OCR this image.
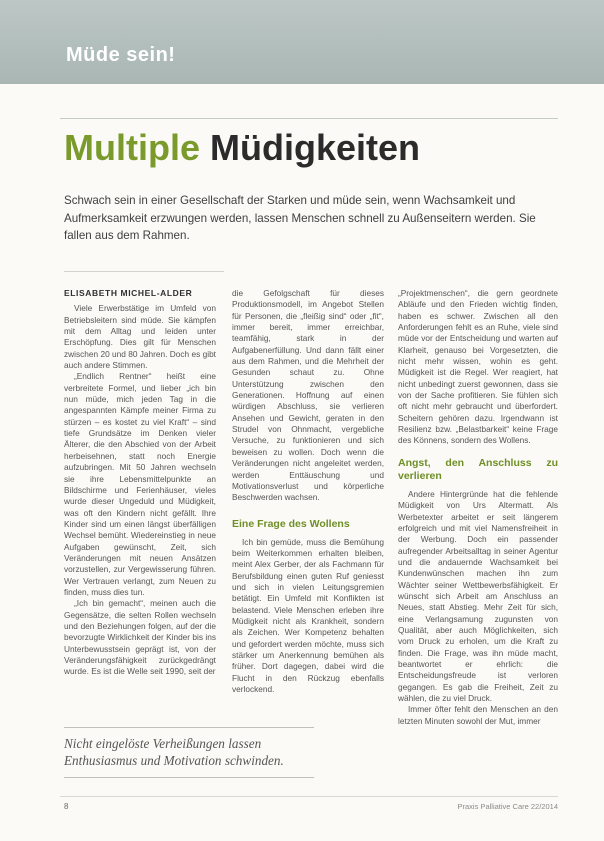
Müde sein!
Multiple Müdigkeiten

Schwach sein in einer Gesellschaft der Starken und müde sein, wenn Wachsamkeit und Aufmerksamkeit erzwungen werden, lassen Menschen schnell zu Außenseitern werden. Sie fallen aus dem Rahmen.

ELISABETH MICHEL-ALDER

Viele Erwerbstätige im Umfeld von Betriebsleitern sind müde. Sie kämpfen mit dem Alltag und leiden unter Erschöpfung. Dies gilt für Menschen zwischen 20 und 80 Jahren. Doch es gibt auch andere Stimmen.

„Endlich Rentner“ heißt eine verbreitete Formel, und lieber „ich bin nun müde, mich jeden Tag in die angespannten Kämpfe meiner Firma zu stürzen – es kostet zu viel Kraft“ – sind tiefe Grundsätze im Denken vieler Älterer, die den Abschied von der Arbeit herbeisehnen, statt noch Energie aufzubringen. Mit 50 Jahren wechseln sie ihre Lebensmittelpunkte an Bildschirme und Ferienhäuser, vieles wurde dieser Ungeduld und Müdigkeit, was oft den Kindern nicht gefällt. Ihre Kinder sind um einen längst überfälligen Wechsel bemüht. Wiedereinstieg in neue Aufgaben gewünscht, Zeit, sich Veränderungen mit neuen Ansätzen vorzustellen, zur Vergewisserung führen. Wer Vertrauen verlangt, zum Neuen zu finden, muss dies tun.

„Ich bin gemacht“, meinen auch die Gegensätze, die selten Rollen wechseln und den Beziehungen folgen, auf der die bevorzugte Wirklichkeit der Kinder bis ins Unterbewusstsein geprägt ist, von der Veränderungsfähigkeit zurückgedrängt wurde. Es ist die Welle seit 1990, seit der

die Gefolgschaft für dieses Produktionsmodell, im Angebot Stellen für Personen, die „fleißig sind“ oder „fit“, immer bereit, immer erreichbar, teamfähig, stark in der Aufgabenerfüllung. Und dann fällt einer aus dem Rahmen, und die Mehrheit der Gesunden schaut zu. Ohne Unterstützung zwischen den Generationen. Hoffnung auf einen würdigen Abschluss, sie verlieren Ansehen und Gewicht, geraten in den Strudel von Ohnmacht, vergebliche Versuche, zu funktionieren und sich beweisen zu wollen. Doch wenn die Veränderungen nicht angeleitet werden, werden Enttäuschung und Motivationsverlust und körperliche Beschwerden wachsen.

Eine Frage des Wollens

Ich bin gemüde, muss die Bemühung beim Weiterkommen erhalten bleiben, meint Alex Gerber, der als Fachmann für Berufsbildung einen guten Ruf geniesst und sich in vielen Leitungsgremien betätigt. Ein Umfeld mit Konflikten ist belastend. Viele Menschen erleben ihre Müdigkeit nicht als Krankheit, sondern als Zeichen. Wer Kompetenz behalten und gefordert werden möchte, muss sich stärker um Anerkennung bemühen als früher. Dort dagegen, dabei wird die Flucht in den Rückzug ebenfalls verlockend.

„Projektmenschen“, die gern geordnete Abläufe und den Frieden wichtig finden, haben es schwer. Zwischen all den Anforderungen fehlt es an Ruhe, viele sind müde vor der Entscheidung und warten auf Klarheit, genauso bei Vorgesetzten, die nicht mehr wissen, wohin es geht. Müdigkeit ist die Regel. Wer reagiert, hat nicht unbedingt zuerst gewonnen, dass sie von der Sache profitieren. Sie fühlen sich oft nicht mehr gebraucht und überfordert. Scheitern gehören dazu. Irgendwann ist Resilienz bzw. „Belastbarkeit“ keine Frage des Könnens, sondern des Wollens.

Angst, den Anschluss zu verlieren

Andere Hintergründe hat die fehlende Müdigkeit von Urs Altermatt. Als Werbetexter arbeitet er seit längerem erfolgreich und mit viel Namensfreiheit in der Werbung. Doch ein passender aufregender Arbeitsalltag in seiner Agentur und die andauernde Wachsamkeit bei Kundenwünschen machen ihn zum Wächter seiner Wettbewerbsfähigkeit. Er wünscht sich Arbeit am Anschluss an Neues, statt Abstieg. Mehr Zeit für sich, eine Verlangsamung zugunsten von Qualität, aber auch Möglichkeiten, sich vom Druck zu erholen, um die Kraft zu finden. Die Frage, was ihn müde macht, beantwortet er ehrlich: die Entscheidungsfreude ist verloren gegangen. Es gab die Freiheit, Zeit zu wählen, die zu viel Druck.

Immer öfter fehlt den Menschen an den letzten Minuten sowohl der Mut, immer

Nicht eingelöste Verheißungen lassen Enthusiasmus und Motivation schwinden.

8	Praxis Palliative Care 22/2014
